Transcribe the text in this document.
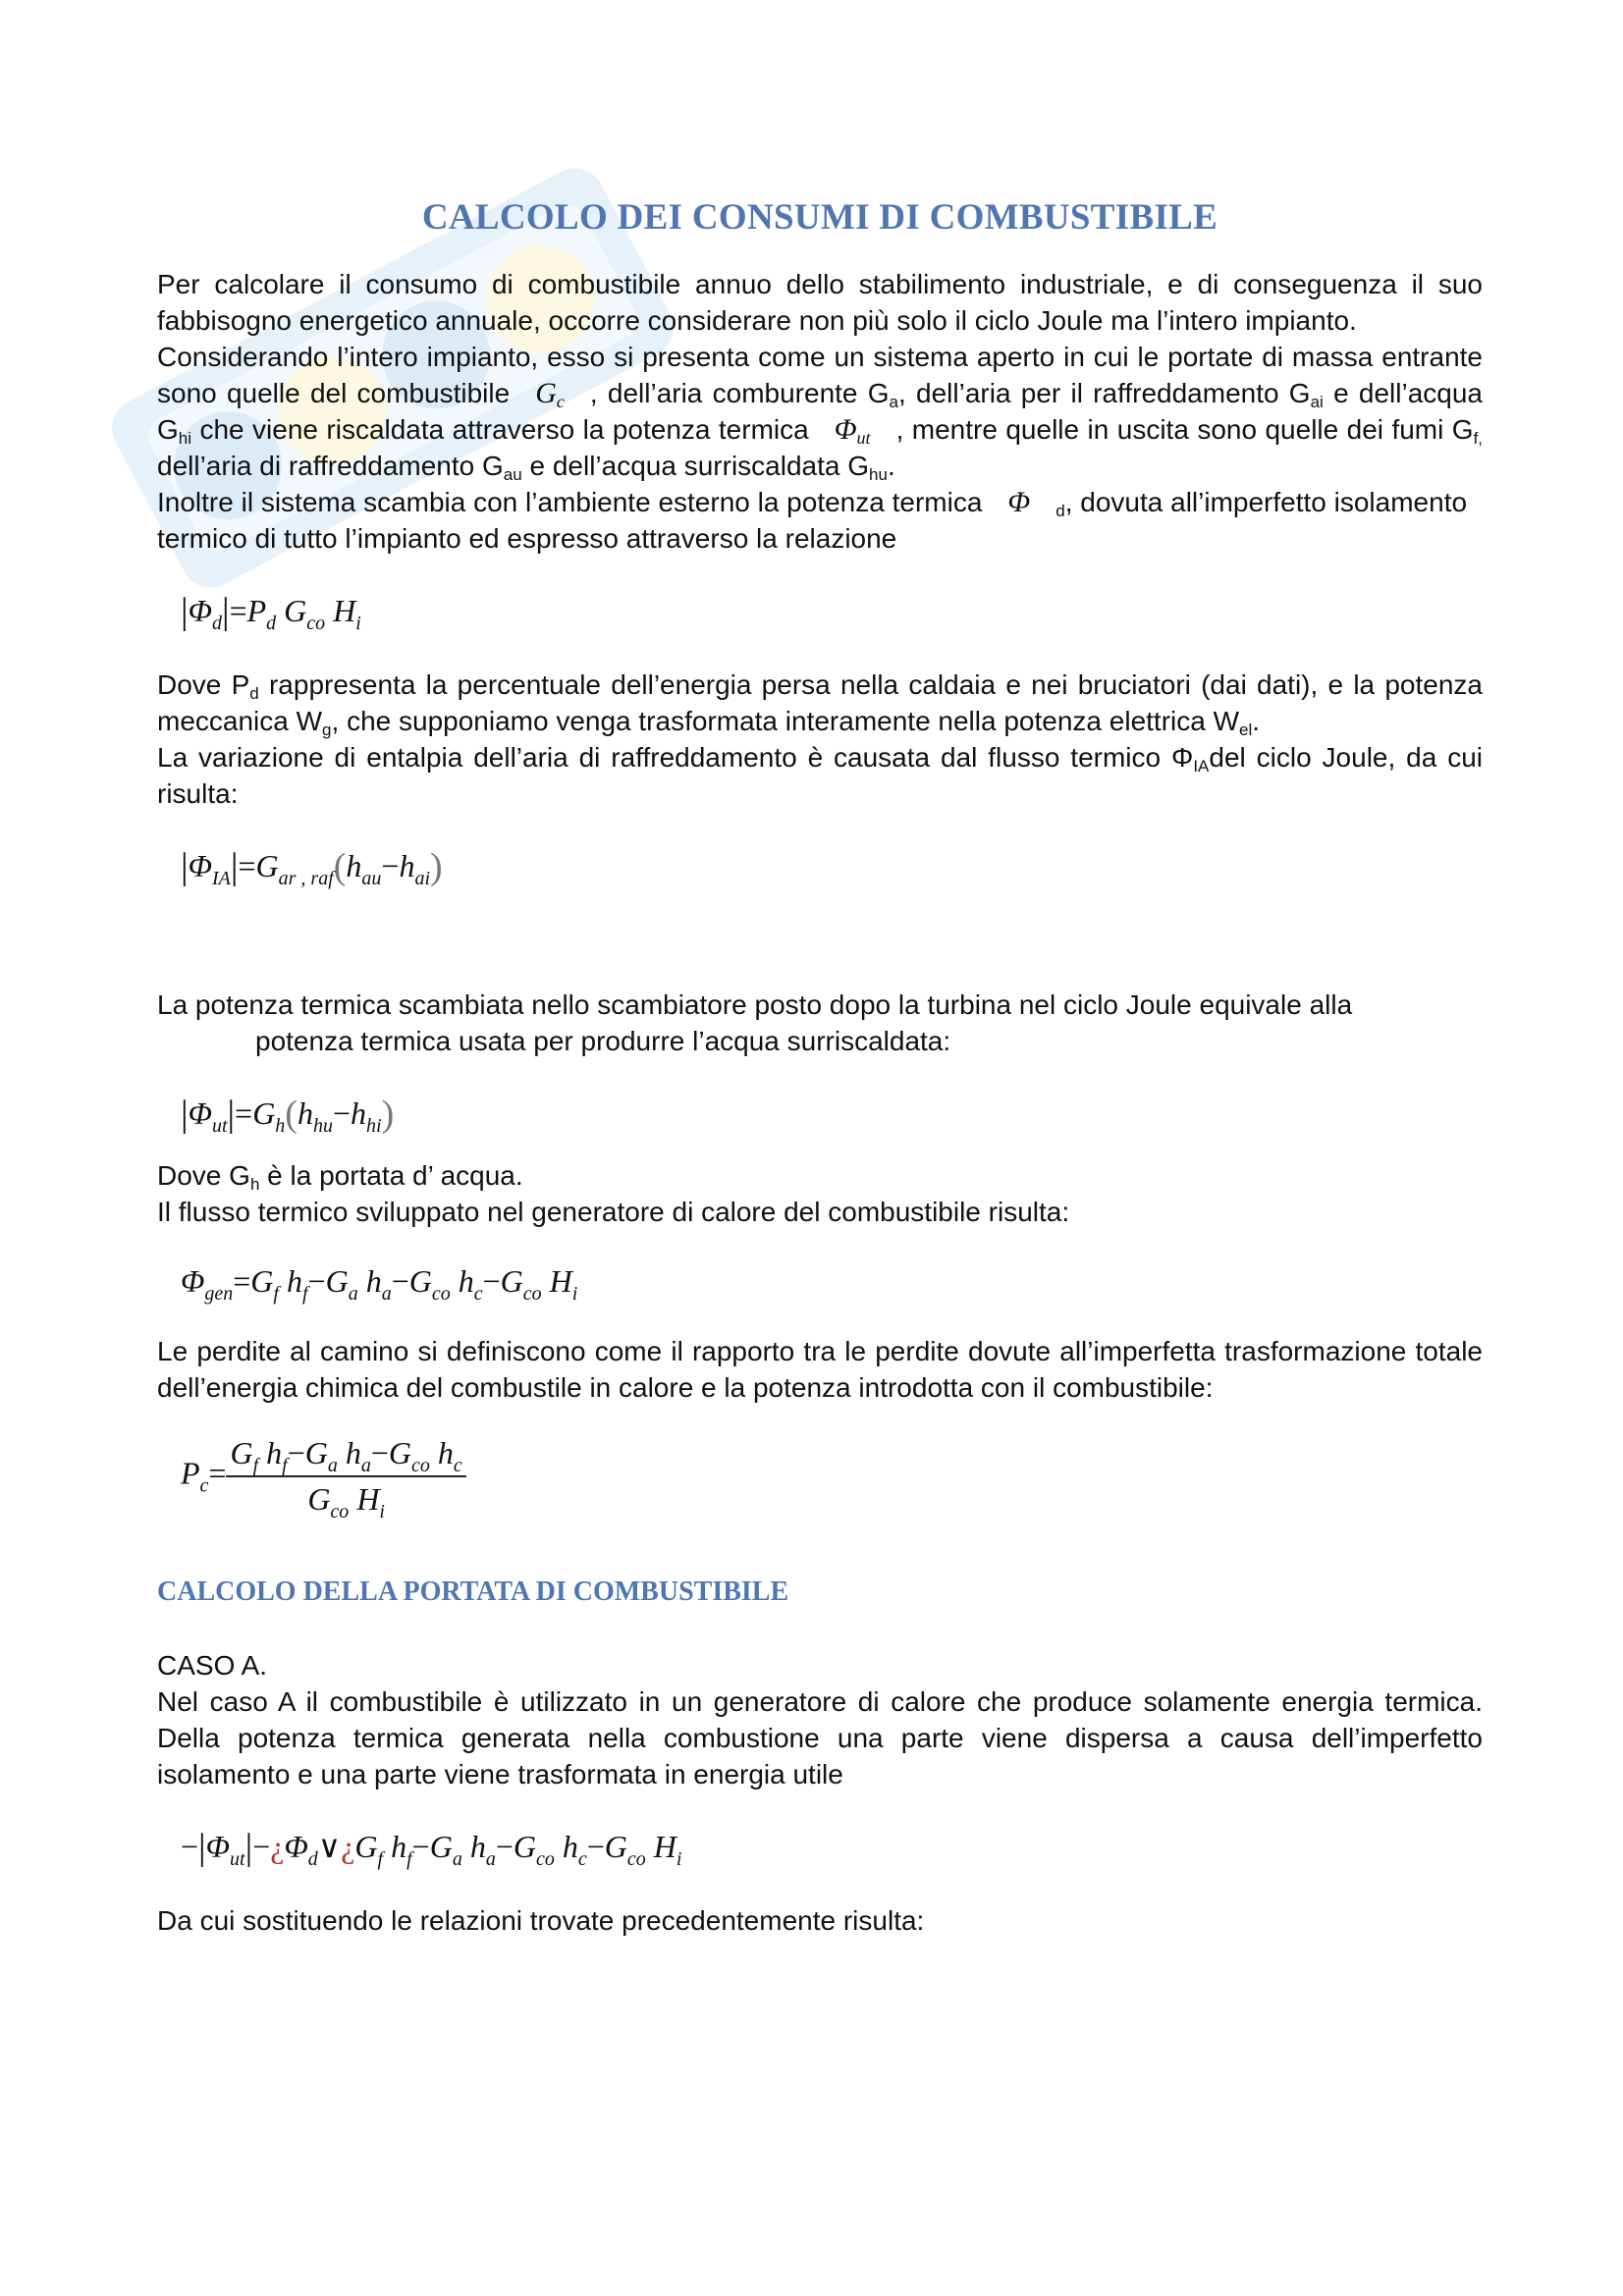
CALCOLO DEI CONSUMI DI COMBUSTIBILE

Per calcolare il consumo di combustibile annuo dello stabilimento industriale, e di conseguenza il suo fabbisogno energetico annuale, occorre considerare non più solo il ciclo Joule ma l’intero impianto.

Considerando l’intero impianto, esso si presenta come un sistema aperto in cui le portate di massa entrante sono quelle del combustibile $G_c$ , dell’aria comburente $G_a$, dell’aria per il raffreddamento $G_{ai}$ e dell’acqua $G_{hi}$ che viene riscaldata attraverso la potenza termica $\Phi_{ut}$ , mentre quelle in uscita sono quelle dei fumi $G_{f,}$ dell’aria di raffreddamento $G_{au}$ e dell’acqua surriscaldata $G_{hu}$.

Inoltre il sistema scambia con l’ambiente esterno la potenza termica Φ $_d$, dovuta all’imperfetto isolamento termico di tutto l’impianto ed espresso attraverso la relazione

$|\Phi_d|=P_d$ $G_{co}$ $H_i$

Dove $P_d$ rappresenta la percentuale dell’energia persa nella caldaia e nei bruciatori (dai dati), e la potenza meccanica $W_g$, che supponiamo venga trasformata interamente nella potenza elettrica $W_{el}$.

La variazione di entalpia dell’aria di raffreddamento è causata dal flusso termico $\Phi_{IA}del$ ciclo Joule, da cui risulta:

$|\Phi_{IA}|=G_{ar , raf}(h_{au}-h_{ai})$

La potenza termica scambiata nello scambiatore posto dopo la turbina nel ciclo Joule equivale alla
potenza termica usata per produrre l’acqua surriscaldata:

$|\Phi_{ut}|=G_h(h_{hu}-h_{hi})$

Dove $G_h$ è la portata d’ acqua.

Il flusso termico sviluppato nel generatore di calore del combustibile risulta:

$\Phi_{gen}=G_f$ $h_f-G_a$ $h_a-G_{co}$ $h_c-G_{co}$ $H_i$

Le perdite al camino si definiscono come il rapporto tra le perdite dovute all’imperfetta trasformazione totale dell’energia chimica del combustile in calore e la potenza introdotta con il combustibile:

$P_c= \frac{G_f h_f-G_a h_a-G_{co} h_c}{G_{co} H_i}$
CALCOLO DELLA PORTATA DI COMBUSTIBILE

CASO A.

Nel caso A il combustibile è utilizzato in un generatore di calore che produce solamente energia termica. Della potenza termica generata nella combustione una parte viene dispersa a causa dell’imperfetto isolamento e una parte viene trasformata in energia utile

$-|\Phi_{ut}|-¿\Phi_d\vee¿G_f$ $h_f-G_a$ $h_a-G_{co}$ $h_c-G_{co}$ $H_i$

Da cui sostituendo le relazioni trovate precedentemente risulta:
